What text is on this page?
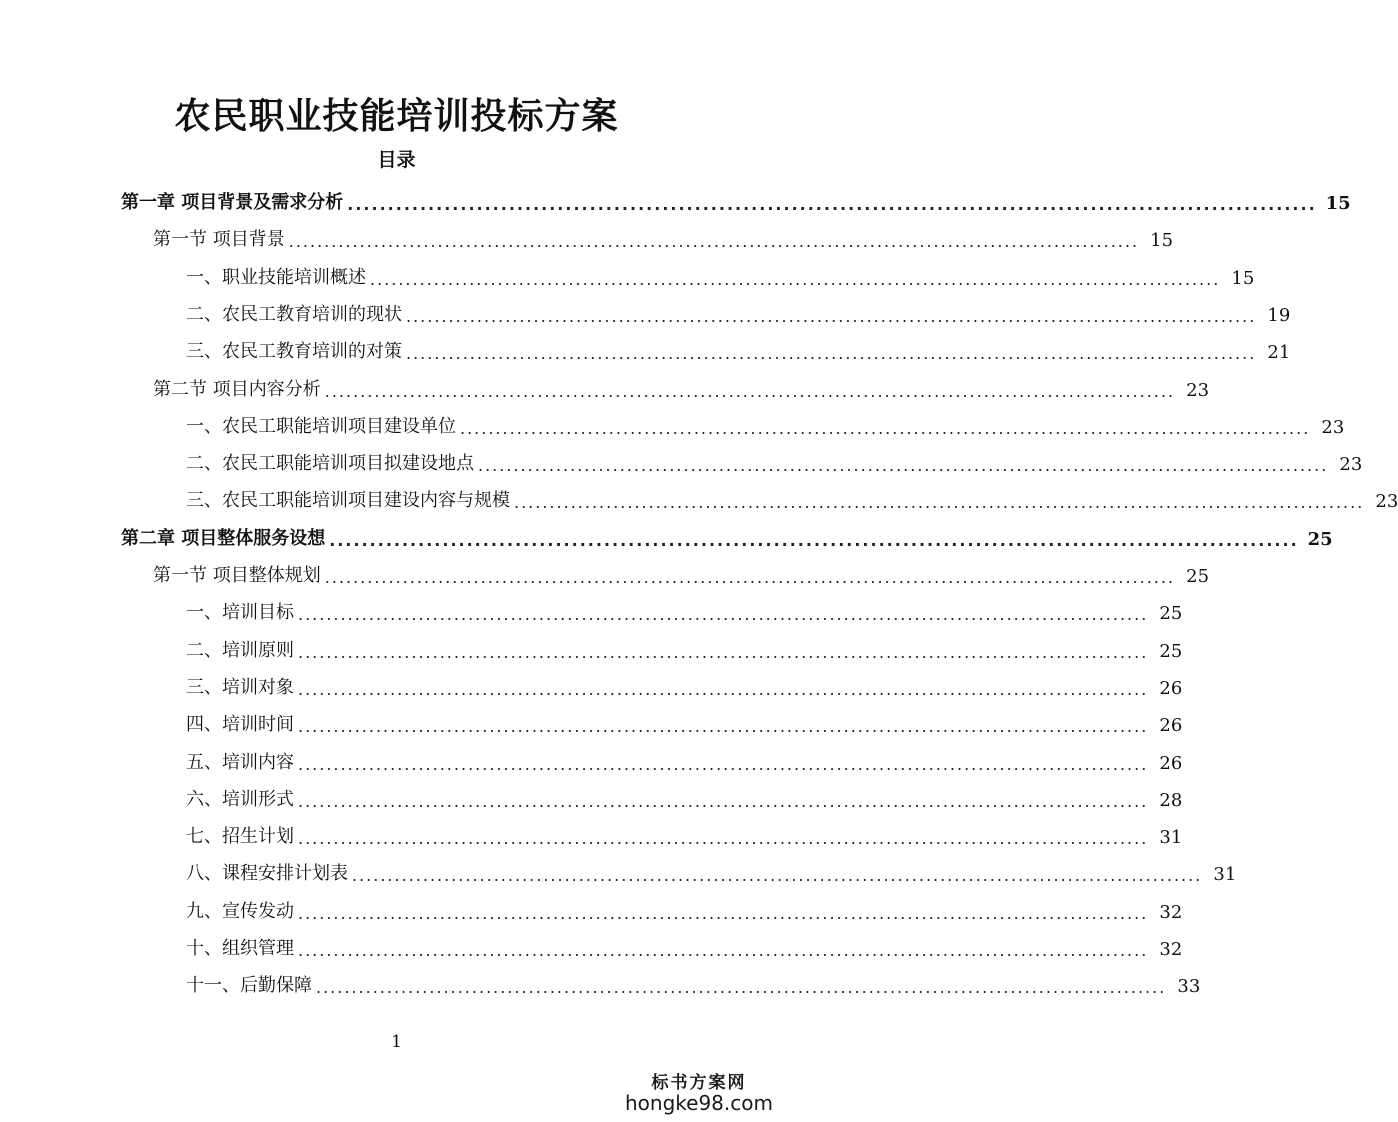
农民职业技能培训投标方案
目录
第一章 项目背景及需求分析 ........................................................................................................................ 15
第一节 项目背景 ........................................................................................................................ 15
一、职业技能培训概述 ........................................................................................................................ 15
二、农民工教育培训的现状 ........................................................................................................................ 19
三、农民工教育培训的对策 ........................................................................................................................ 21
第二节 项目内容分析 ........................................................................................................................ 23
一、农民工职能培训项目建设单位 ........................................................................................................................ 23
二、农民工职能培训项目拟建设地点 ........................................................................................................................ 23
三、农民工职能培训项目建设内容与规模 ........................................................................................................................ 23
第二章 项目整体服务设想 ........................................................................................................................ 25
第一节 项目整体规划 ........................................................................................................................ 25
一、培训目标 ........................................................................................................................ 25
二、培训原则 ........................................................................................................................ 25
三、培训对象 ........................................................................................................................ 26
四、培训时间 ........................................................................................................................ 26
五、培训内容 ........................................................................................................................ 26
六、培训形式 ........................................................................................................................ 28
七、招生计划 ........................................................................................................................ 31
八、课程安排计划表 ........................................................................................................................ 31
九、宣传发动 ........................................................................................................................ 32
十、组织管理 ........................................................................................................................ 32
十一、后勤保障 ........................................................................................................................ 33
1
标书方案网
hongke98.com
